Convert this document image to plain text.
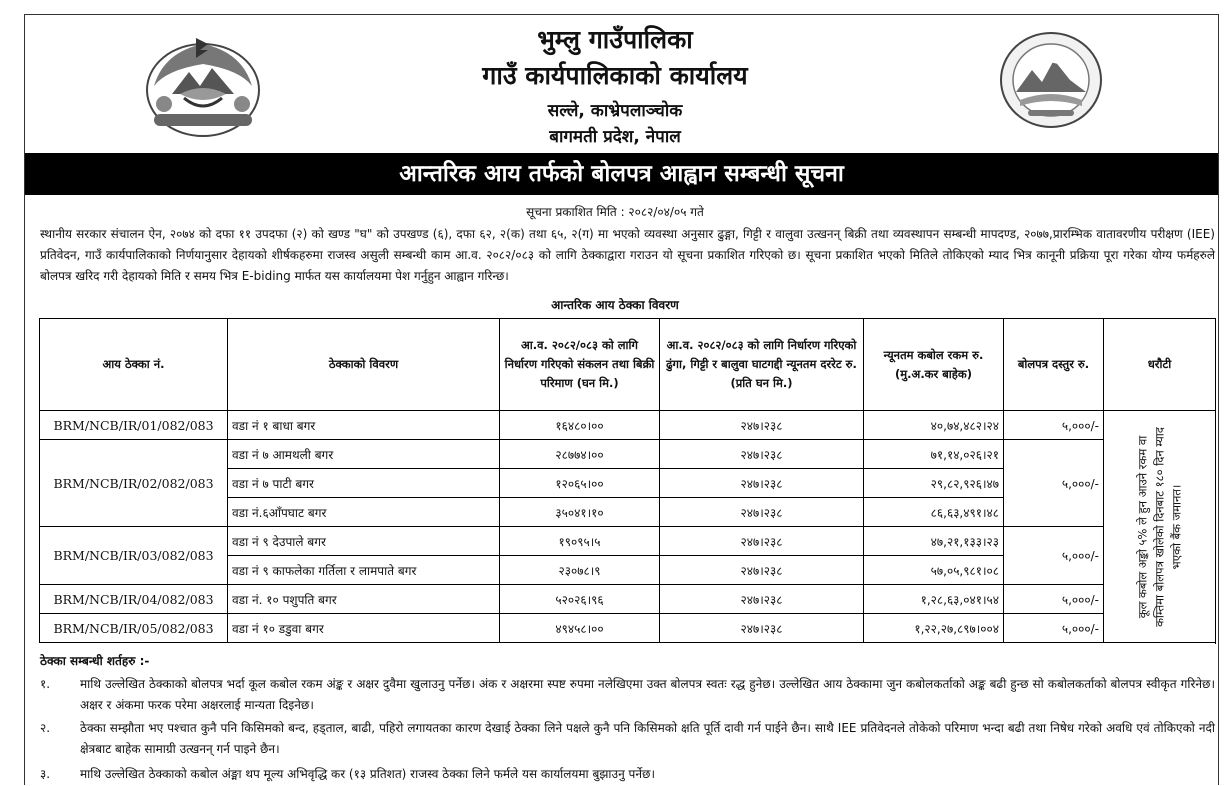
भुम्लु गाउँपालिका
गाउँ कार्यपालिकाको कार्यालय
सल्ले, काभ्रेपलाञ्चोक
बागमती प्रदेश, नेपाल
आन्तरिक आय तर्फको बोलपत्र आह्वान सम्बन्धी सूचना
सूचना प्रकाशित मिति : २०८२/०४/०५ गते
स्थानीय सरकार संचालन ऐन, २०७४ को दफा ११ उपदफा (२) को खण्ड "घ" को उपखण्ड (६), दफा ६२, २(क) तथा ६५, २(ग) मा भएको व्यवस्था अनुसार ढुङ्गा, गिट्टी र वालुवा उत्खनन् बिक्री तथा व्यवस्थापन सम्बन्धी मापदण्ड, २०७७,प्रारम्भिक वातावरणीय परीक्षण (IEE) प्रतिवेदन, गाउँ कार्यपालिकाको निर्णयानुसार देहायको शीर्षकहरुमा राजस्व असुली सम्बन्धी काम आ.व. २०८२/०८३ को लागि ठेक्काद्वारा गराउन यो सूचना प्रकाशित गरिएको छ। सूचना प्रकाशित भएको मितिले तोकिएको म्याद भित्र कानूनी प्रक्रिया पूरा गरेका योग्य फर्महरुले बोलपत्र खरिद गरी देहायको मिति र समय भित्र E-biding मार्फत यस कार्यालयमा पेश गर्नुहुन आह्वान गरिन्छ।
आन्तरिक आय ठेक्का विवरण
आय ठेक्का नं.	ठेक्काको विवरण	आ.व. २०८२/०८३ को लागि निर्धारण गरिएको संकलन तथा बिक्री परिमाण (घन मि.)	आ.व. २०८२/०८३ को लागि निर्धारण गरिएको ढुंगा, गिट्टी र बालुवा घाटगद्दी न्यूनतम दररेट रु. (प्रति घन मि.)	न्यूनतम कबोल रकम रु. (मु.अ.कर बाहेक)	बोलपत्र दस्तुर रु.	धरौटी
BRM/NCB/IR/01/082/083	वडा नं १ बाधा बगर	१६४८०।००	२४७।२३८	४०,७४,४८२।२४	५,०००/-	कूल कबोल अङ्को ५% ले हुन आउने रकम वा कम्तिमा बोलपत्र खोलेको दिनबाट १८० दिन म्याद भएको बैंक जमानत।

BRM/NCB/IR/02/082/083	वडा नं ७ आमथली बगर	२८७७४।००	२४७।२३८	७१,१४,०२६।२१	५,०००/-	
	वडा नं ७ पाटी बगर	१२०६५।००	२४७।२३८	२९,८२,९२६।४७		
	वडा नं.६आँपघाट बगर	३५०४१।१०	२४७।२३८	८६,६३,४९१।४८		
BRM/NCB/IR/03/082/083	वडा नं ९ देउपाले बगर	१९०९५।५	२४७।२३८	४७,२१,१३३।२३	५,०००/-	
	वडा नं ९ काफलेका गर्तिला र लामपाते बगर	२३०७८।९	२४७।२३८	५७,०५,९८१।०८		
BRM/NCB/IR/04/082/083	वडा नं. १० पशुपति बगर	५२०२६।९६	२४७।२३८	१,२८,६३,०४१।५४	५,०००/-	
BRM/NCB/IR/05/082/083	वडा नं १० डडुवा बगर	४९४५८।००	२४७।२३८	१,२२,२७,८९७।००४	५,०००/-	

ठेक्का सम्बन्धी शर्तहरु :-
१. माथि उल्लेखित ठेक्काको बोलपत्र भर्दा कूल कबोल रकम अंङ्क र अक्षर दुवैमा खुलाउनु पर्नेछ। अंक र अक्षरमा स्पष्ट रुपमा नलेखिएमा उक्त बोलपत्र स्वतः रद्ध हुनेछ। उल्लेखित आय ठेक्कामा जुन कबोलकर्ताको अङ्क बढी हुन्छ सो कबोलकर्ताको बोलपत्र स्वीकृत गरिनेछ। अक्षर र अंकमा फरक परेमा अक्षरलाई मान्यता दिइनेछ।
२. ठेक्का सम्झौता भए पश्चात कुनै पनि किसिमको बन्द, हड्ताल, बाढी, पहिरो लगायतका कारण देखाई ठेक्का लिने पक्षले कुनै पनि किसिमको क्षति पूर्ति दावी गर्न पाईने छैन। साथै IEE प्रतिवेदनले तोकेको परिमाण भन्दा बढी तथा निषेध गरेको अवधि एवं तोकिएको नदी क्षेत्रबाट बाहेक सामाग्री उत्खनन् गर्न पाइने छैन।
३. माथि उल्लेखित ठेक्काको कबोल अंङ्मा थप मूल्य अभिवृद्धि कर (१३ प्रतिशत) राजस्व ठेक्का लिने फर्मले यस कार्यालयमा बुझाउनु पर्नेछ।
